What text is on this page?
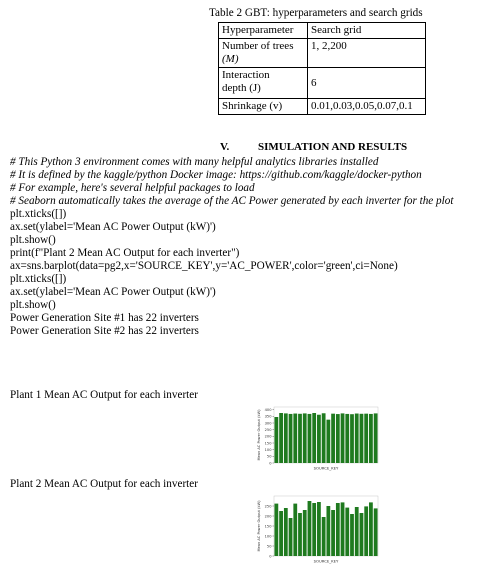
Table 2 GBT: hyperparameters and search grids
Hyperparameter	Search grid

Number of trees
(M)	1, 2,200

Interaction
depth (J)	6
Shrinkage (v)	0.01,0.03,0.05,0.07,0.1
V.	SIMULATION AND RESULTS
# This Python 3 environment comes with many helpful analytics libraries installed
# It is defined by the kaggle/python Docker image: https://github.com/kaggle/docker-python
# For example, here's several helpful packages to load
# Seaborn automatically takes the average of the AC Power generated by each inverter for the plot
plt.xticks([])
ax.set(ylabel='Mean AC Power Output (kW)')
plt.show()
print(f"Plant 2 Mean AC Output for each inverter")
ax=sns.barplot(data=pg2,x='SOURCE_KEY',y='AC_POWER',color='green',ci=None)
plt.xticks([])
ax.set(ylabel='Mean AC Power Output (kW)')
plt.show()
Power Generation Site #1 has 22 inverters
Power Generation Site #2 has 22 inverters
Plant 1 Mean AC Output for each inverter
0
50
100
150
200
250
300
350
400
Mean AC Power Output (kW)
SOURCE_KEY
Plant 2 Mean AC Output for each inverter
0
50
100
150
200
250
Mean AC Power Output (kW)
SOURCE_KEY
